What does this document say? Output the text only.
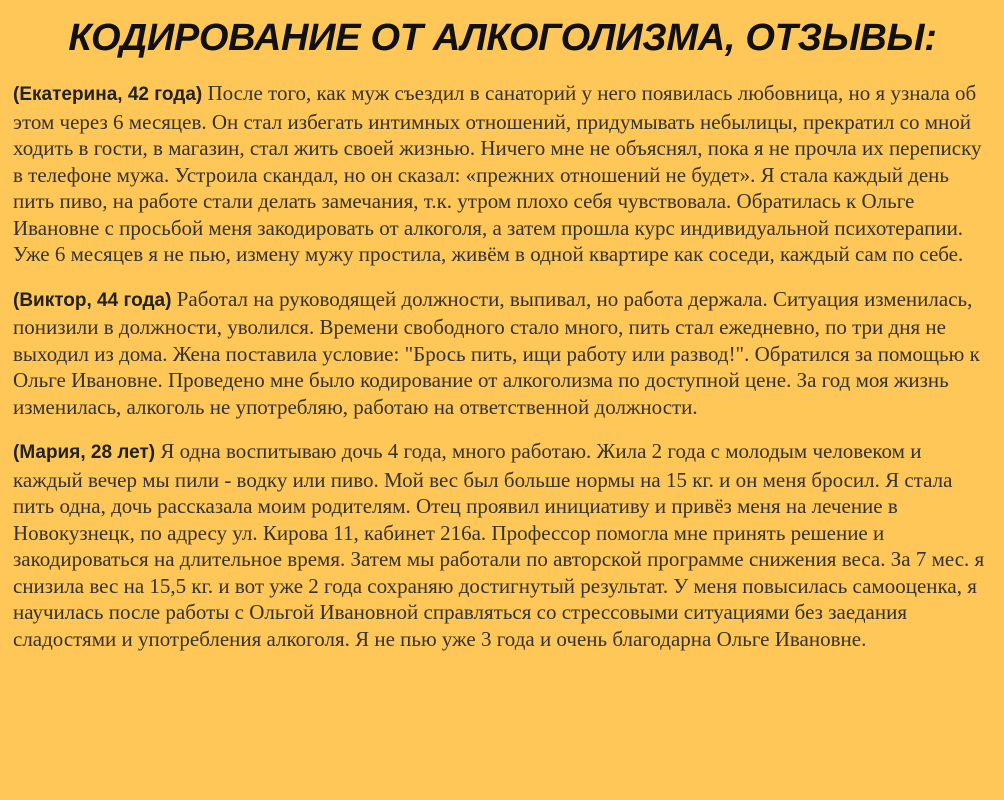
КОДИРОВАНИЕ ОТ АЛКОГОЛИЗМА, ОТЗЫВЫ:

(Екатерина, 42 года) После того, как муж съездил в санаторий у него появилась любовница, но я узнала об этом через 6 месяцев. Он стал избегать интимных отношений, придумывать небылицы, прекратил со мной ходить в гости, в магазин, стал жить своей жизнью. Ничего мне не объяснял, пока я не прочла их переписку в телефоне мужа. Устроила скандал, но он сказал: «прежних отношений не будет». Я стала каждый день пить пиво, на работе стали делать замечания, т.к. утром плохо себя чувствовала. Обратилась к Ольге Ивановне с просьбой меня закодировать от алкоголя, а затем прошла курс индивидуальной психотерапии. Уже 6 месяцев я не пью, измену мужу простила, живём в одной квартире как соседи, каждый сам по себе.

(Виктор, 44 года) Работал на руководящей должности, выпивал, но работа держала. Ситуация изменилась, понизили в должности, уволился. Времени свободного стало много, пить стал ежедневно, по три дня не выходил из дома. Жена поставила условие: "Брось пить, ищи работу или развод!". Обратился за помощью к Ольге Ивановне. Проведено мне было кодирование от алкоголизма по доступной цене. За год моя жизнь изменилась, алкоголь не употребляю, работаю на ответственной должности.

(Мария, 28 лет) Я одна воспитываю дочь 4 года, много работаю. Жила 2 года с молодым человеком и каждый вечер мы пили - водку или пиво. Мой вес был больше нормы на 15 кг. и он меня бросил. Я стала пить одна, дочь рассказала моим родителям. Отец проявил инициативу и привёз меня на лечение в Новокузнецк, по адресу ул. Кирова 11, кабинет 216а. Профессор помогла мне принять решение и закодироваться на длительное время. Затем мы работали по авторской программе снижения веса. За 7 мес. я снизила вес на 15,5 кг. и вот уже 2 года сохраняю достигнутый результат. У меня повысилась самооценка, я научилась после работы с Ольгой Ивановной справляться со стрессовыми ситуациями без заедания сладостями и употребления алкоголя. Я не пью уже 3 года и очень благодарна Ольге Ивановне.
